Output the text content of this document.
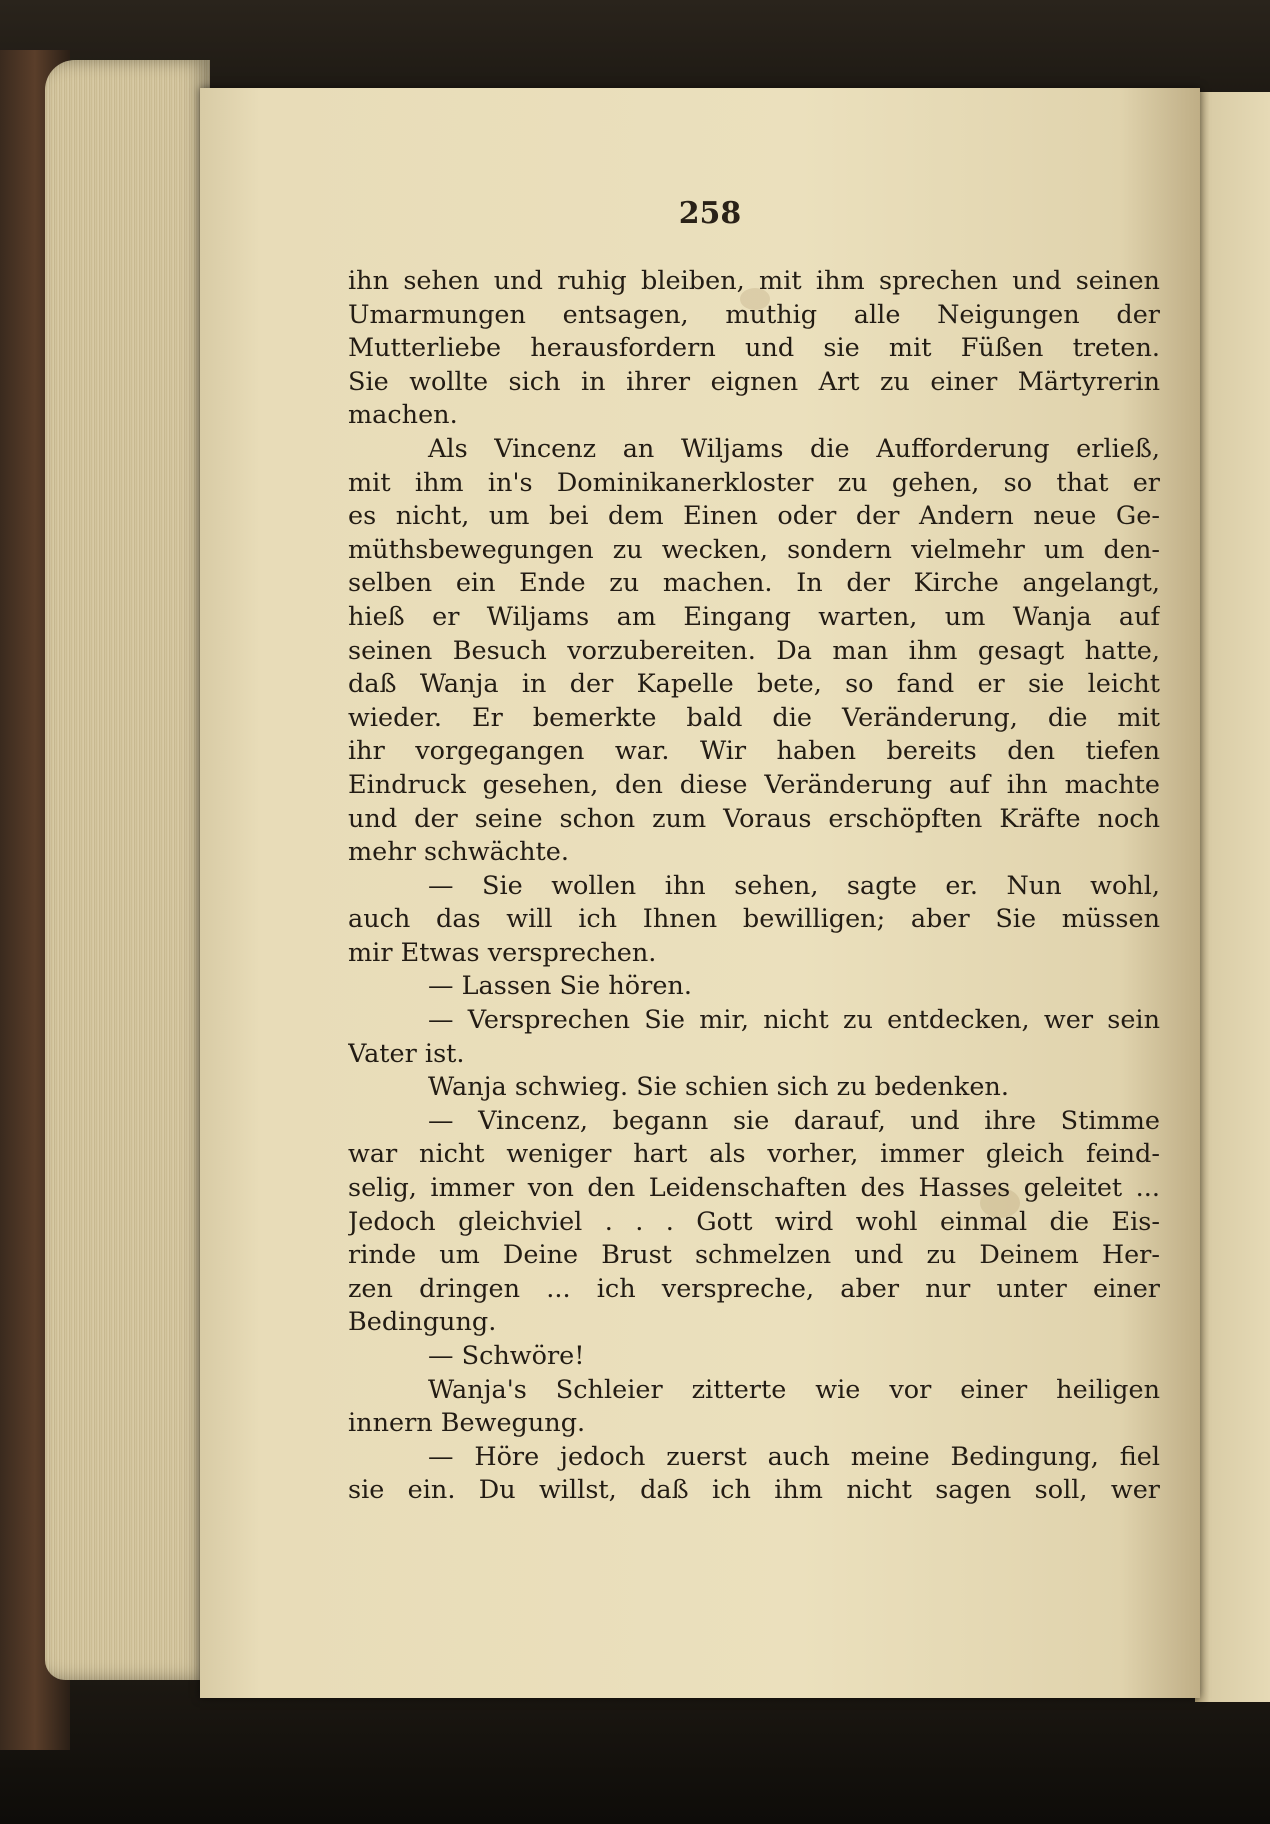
258
ihn sehen und ruhig bleiben, mit ihm sprechen und seinen
Umarmungen entsagen, muthig alle Neigungen der
Mutterliebe herausfordern und sie mit Füßen treten.
Sie wollte sich in ihrer eignen Art zu einer Märtyrerin
machen.
Als Vincenz an Wiljams die Aufforderung erließ,
mit ihm in's Dominikanerkloster zu gehen, so that er
es nicht, um bei dem Einen oder der Andern neue Ge-
müthsbewegungen zu wecken, sondern vielmehr um den-
selben ein Ende zu machen. In der Kirche angelangt,
hieß er Wiljams am Eingang warten, um Wanja auf
seinen Besuch vorzubereiten. Da man ihm gesagt hatte,
daß Wanja in der Kapelle bete, so fand er sie leicht
wieder. Er bemerkte bald die Veränderung, die mit
ihr vorgegangen war. Wir haben bereits den tiefen
Eindruck gesehen, den diese Veränderung auf ihn machte
und der seine schon zum Voraus erschöpften Kräfte noch
mehr schwächte.
— Sie wollen ihn sehen, sagte er. Nun wohl,
auch das will ich Ihnen bewilligen; aber Sie müssen
mir Etwas versprechen.
— Lassen Sie hören.
— Versprechen Sie mir, nicht zu entdecken, wer sein
Vater ist.
Wanja schwieg. Sie schien sich zu bedenken.
— Vincenz, begann sie darauf, und ihre Stimme
war nicht weniger hart als vorher, immer gleich feind-
selig, immer von den Leidenschaften des Hasses geleitet ...
Jedoch gleichviel . . . Gott wird wohl einmal die Eis-
rinde um Deine Brust schmelzen und zu Deinem Her-
zen dringen ... ich verspreche, aber nur unter einer
Bedingung.
— Schwöre!
Wanja's Schleier zitterte wie vor einer heiligen
innern Bewegung.
— Höre jedoch zuerst auch meine Bedingung, fiel
sie ein. Du willst, daß ich ihm nicht sagen soll, wer
